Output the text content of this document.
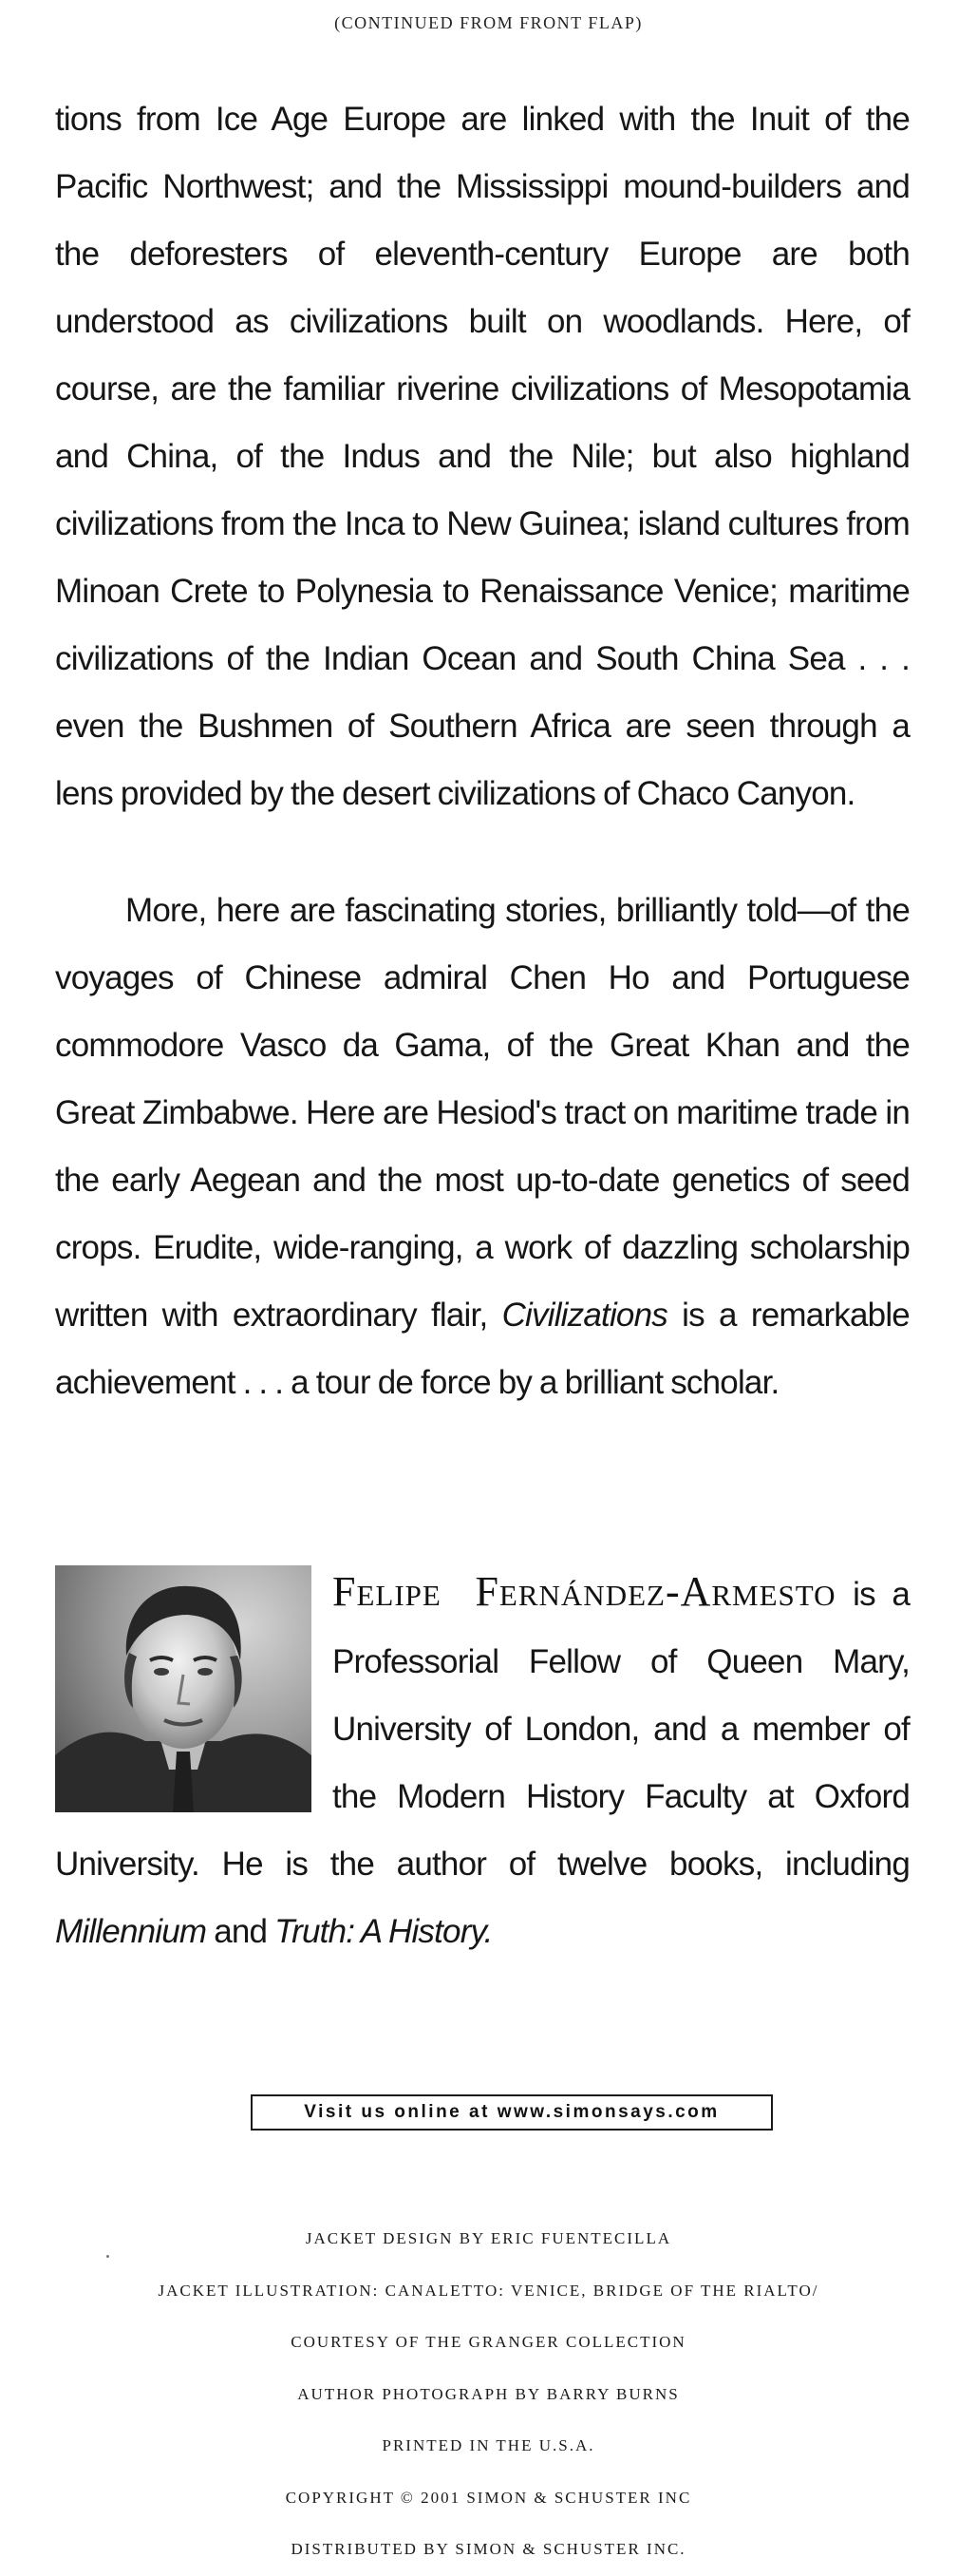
(CONTINUED FROM FRONT FLAP)

tions from Ice Age Europe are linked with the Inuit of the Pacific Northwest; and the Mississippi mound-builders and the deforesters of eleventh-century Europe are both understood as civilizations built on woodlands. Here, of course, are the familiar riverine civilizations of Mesopotamia and China, of the Indus and the Nile; but also highland civilizations from the Inca to New Guinea; island cultures from Minoan Crete to Polynesia to Renaissance Venice; maritime civilizations of the Indian Ocean and South China Sea . . . even the Bushmen of Southern Africa are seen through a lens provided by the desert civilizations of Chaco Canyon.

More, here are fascinating stories, brilliantly told—of the voyages of Chinese admiral Chen Ho and Portuguese commodore Vasco da Gama, of the Great Khan and the Great Zimbabwe. Here are Hesiod's tract on maritime trade in the early Aegean and the most up-to-date genetics of seed crops. Erudite, wide-ranging, a work of dazzling scholarship written with extraordinary flair, Civilizations is a remarkable achievement . . . a tour de force by a brilliant scholar.

Felipe Fernández-Armesto is a Professorial Fellow of Queen Mary, University of London, and a member of the Modern History Faculty at Oxford University. He is the author of twelve books, including Millennium and Truth: A History.

Visit us online at www.simonsays.com
JACKET DESIGN BY ERIC FUENTECILLA
JACKET ILLUSTRATION: CANALETTO: VENICE, BRIDGE OF THE RIALTO/
COURTESY OF THE GRANGER COLLECTION
AUTHOR PHOTOGRAPH BY BARRY BURNS
PRINTED IN THE U.S.A.
COPYRIGHT © 2001 SIMON & SCHUSTER INC
DISTRIBUTED BY SIMON & SCHUSTER INC.
